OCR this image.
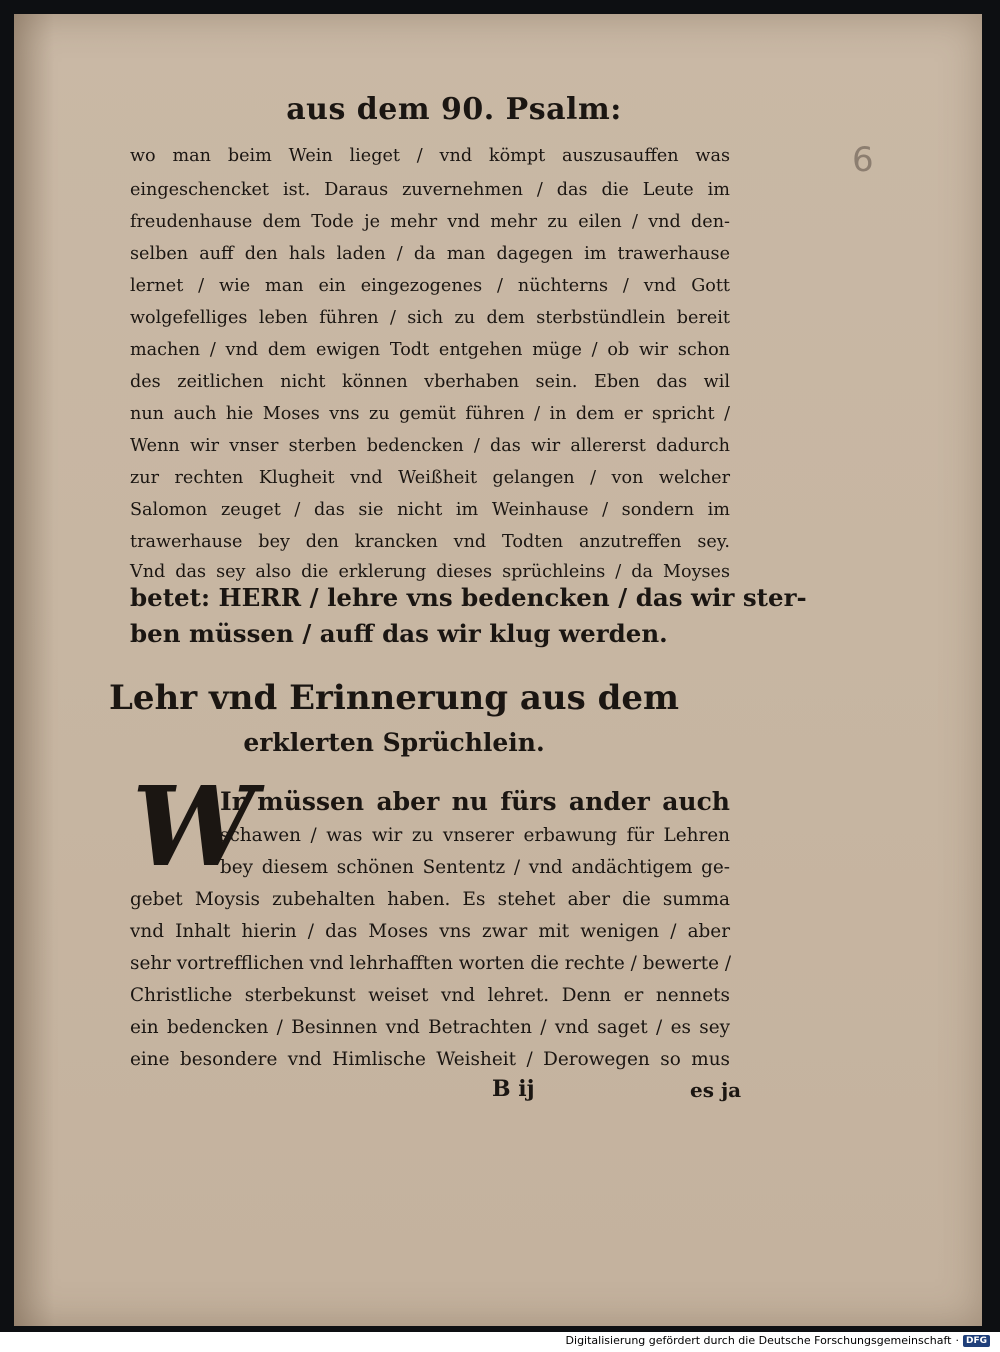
aus dem 90. Psalm:
6
wo man beim Wein lieget / vnd kömpt auszusauffen was
eingeschencket ist. Daraus zuvernehmen / das die Leute im
freudenhause dem Tode je mehr vnd mehr zu eilen / vnd den-
selben auff den hals laden / da man dagegen im trawerhause
lernet / wie man ein eingezogenes / nüchterns / vnd Gott
wolgefelliges leben führen / sich zu dem sterbstündlein bereit
machen / vnd dem ewigen Todt entgehen müge / ob wir schon
des zeitlichen nicht können vberhaben sein. Eben das wil
nun auch hie Moses vns zu gemüt führen / in dem er spricht /
Wenn wir vnser sterben bedencken / das wir allererst dadurch
zur rechten Klugheit vnd Weißheit gelangen / von welcher
Salomon zeuget / das sie nicht im Weinhause / sondern im
trawerhause bey den krancken vnd Todten anzutreffen sey.
Vnd das sey also die erklerung dieses sprüchleins / da Moyses
betet: HERR / lehre vns bedencken / das wir ster-
ben müssen / auff das wir klug werden.
Lehr vnd Erinnerung aus dem
erklerten Sprüchlein.
W
Ir müssen aber nu fürs ander auch
schawen / was wir zu vnserer erbawung für Lehren
bey diesem schönen Sententz / vnd andächtigem ge-
gebet Moysis zubehalten haben. Es stehet aber die summa
vnd Inhalt hierin / das Moses vns zwar mit wenigen / aber
sehr vortrefflichen vnd lehrhafften worten die rechte / bewerte /
Christliche sterbekunst weiset vnd lehret. Denn er nennets
ein bedencken / Besinnen vnd Betrachten / vnd saget / es sey
eine besondere vnd Himlische Weisheit / Derowegen so mus
B ij	es ja
Digitalisierung gefördert durch die Deutsche Forschungsgemeinschaft · DFG
